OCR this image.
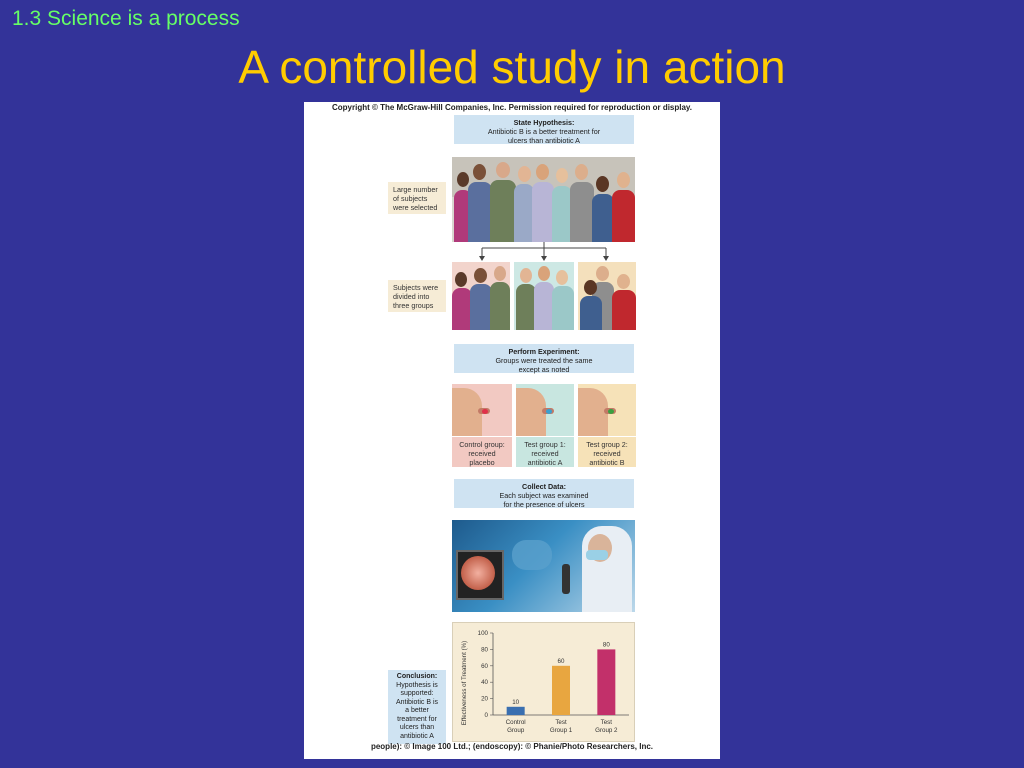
1.3 Science is a process
A controlled study in action
Copyright © The McGraw-Hill Companies, Inc. Permission required for reproduction or display.
State Hypothesis:
Antibiotic B is a better treatment for
ulcers than antibiotic A
Large number
of subjects
were selected
Subjects were
divided into
three groups
Perform Experiment:
Groups were treated the same
except as noted
Control group:
received
placebo
Test group 1:
received
antibiotic A
Test group 2:
received
antibiotic B
Collect Data:
Each subject was examined
for the presence of ulcers
Effectiveness of Treatment (%)	0
20
40
60
80
100
10
60
80
Control
Group
Test
Group 1
Test
Group 2
Conclusion:
Hypothesis is
supported:
Antibiotic B is
a better
treatment for
ulcers than
antibiotic A
people): © Image 100 Ltd.; (endoscopy): © Phanie/Photo Researchers, Inc.
